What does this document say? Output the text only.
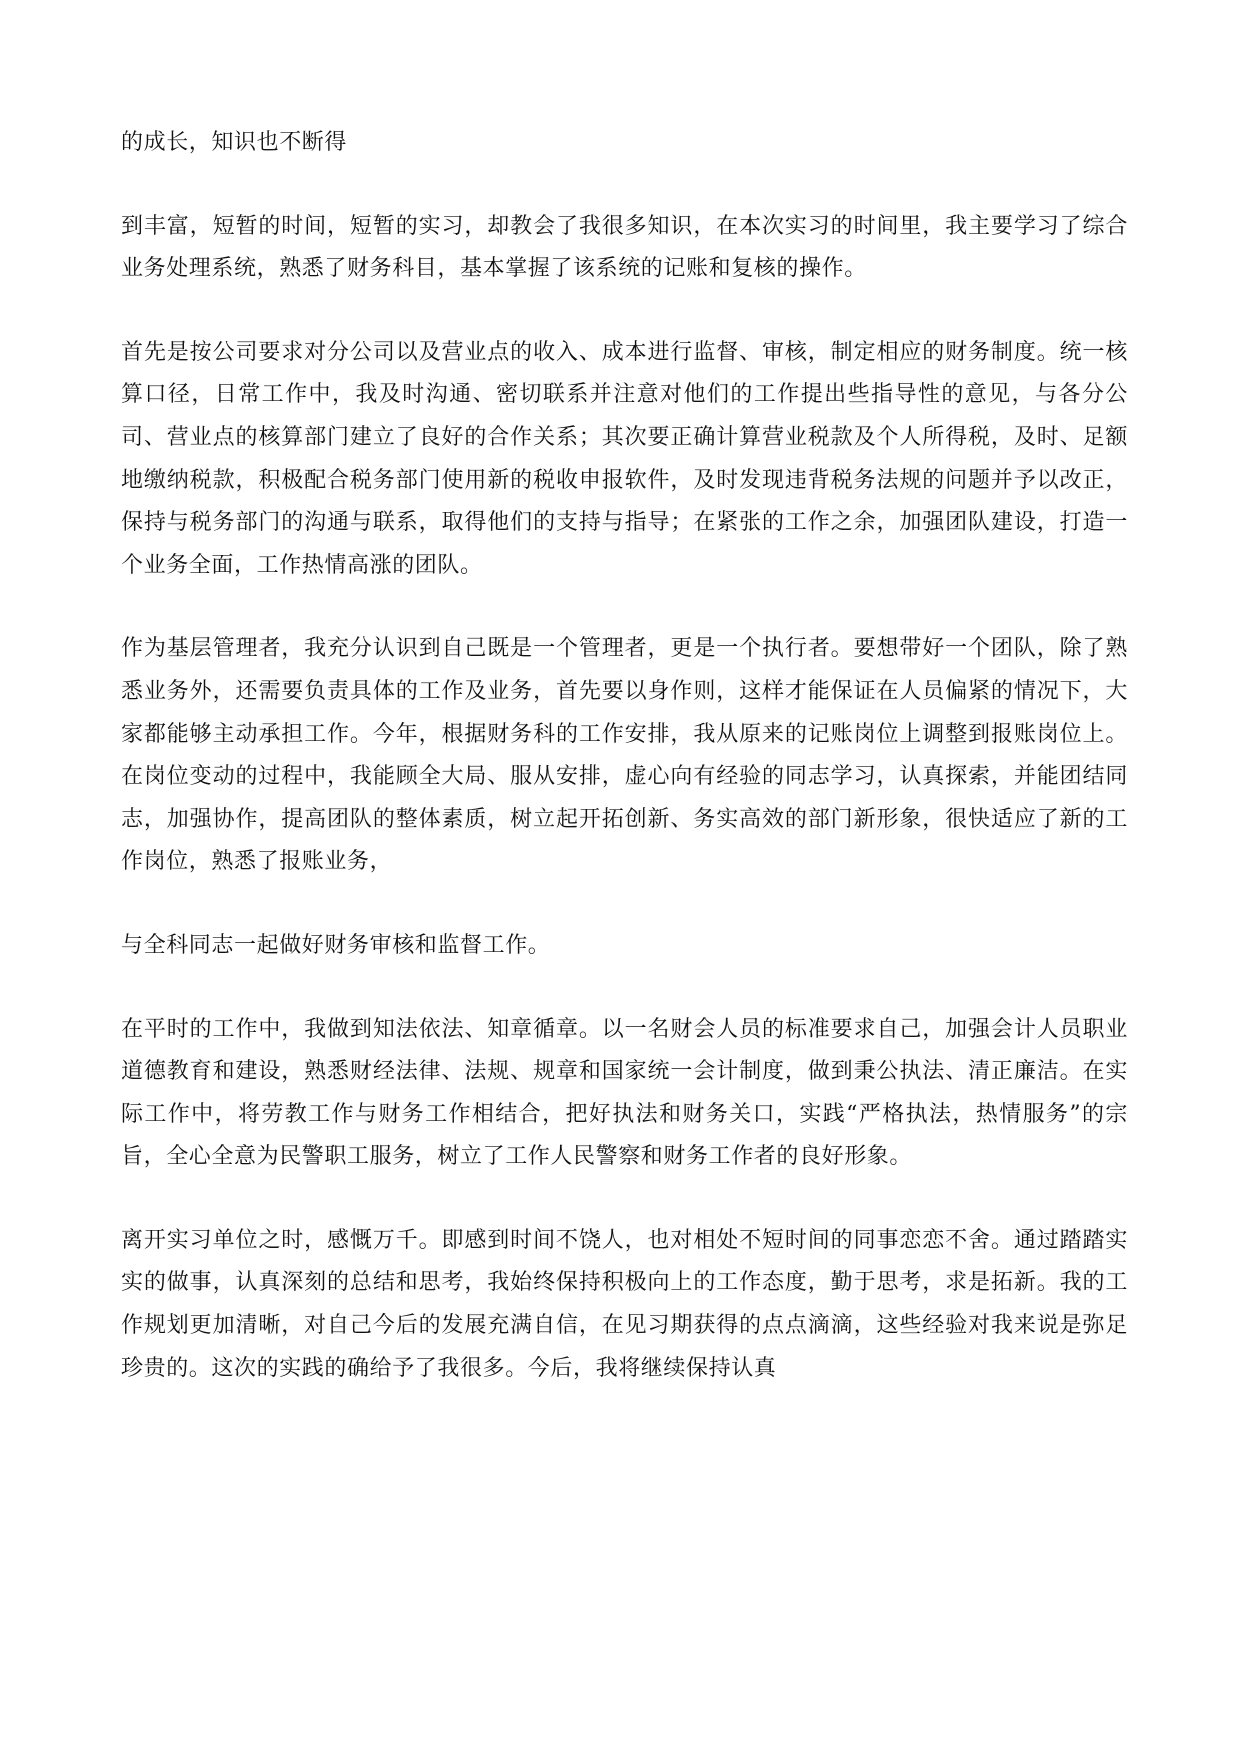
的成长，知识也不断得

到丰富，短暂的时间，短暂的实习，却教会了我很多知识，在本次实习的时间里，我主要学习了综合业务处理系统，熟悉了财务科目，基本掌握了该系统的记账和复核的操作。

首先是按公司要求对分公司以及营业点的收入、成本进行监督、审核，制定相应的财务制度。统一核算口径，日常工作中，我及时沟通、密切联系并注意对他们的工作提出些指导性的意见，与各分公司、营业点的核算部门建立了良好的合作关系；其次要正确计算营业税款及个人所得税，及时、足额地缴纳税款，积极配合税务部门使用新的税收申报软件，及时发现违背税务法规的问题并予以改正，保持与税务部门的沟通与联系，取得他们的支持与指导；在紧张的工作之余，加强团队建设，打造一个业务全面，工作热情高涨的团队。

作为基层管理者，我充分认识到自己既是一个管理者，更是一个执行者。要想带好一个团队，除了熟悉业务外，还需要负责具体的工作及业务，首先要以身作则，这样才能保证在人员偏紧的情况下，大家都能够主动承担工作。今年，根据财务科的工作安排，我从原来的记账岗位上调整到报账岗位上。在岗位变动的过程中，我能顾全大局、服从安排，虚心向有经验的同志学习，认真探索，并能团结同志，加强协作，提高团队的整体素质，树立起开拓创新、务实高效的部门新形象，很快适应了新的工作岗位，熟悉了报账业务，

与全科同志一起做好财务审核和监督工作。

在平时的工作中，我做到知法依法、知章循章。以一名财会人员的标准要求自己，加强会计人员职业道德教育和建设，熟悉财经法律、法规、规章和国家统一会计制度，做到秉公执法、清正廉洁。在实际工作中，将劳教工作与财务工作相结合，把好执法和财务关口，实践“严格执法，热情服务”的宗旨，全心全意为民警职工服务，树立了工作人民警察和财务工作者的良好形象。

离开实习单位之时，感慨万千。即感到时间不饶人，也对相处不短时间的同事恋恋不舍。通过踏踏实实的做事，认真深刻的总结和思考，我始终保持积极向上的工作态度，勤于思考，求是拓新。我的工作规划更加清晰，对自己今后的发展充满自信，在见习期获得的点点滴滴，这些经验对我来说是弥足珍贵的。这次的实践的确给予了我很多。今后，我将继续保持认真
